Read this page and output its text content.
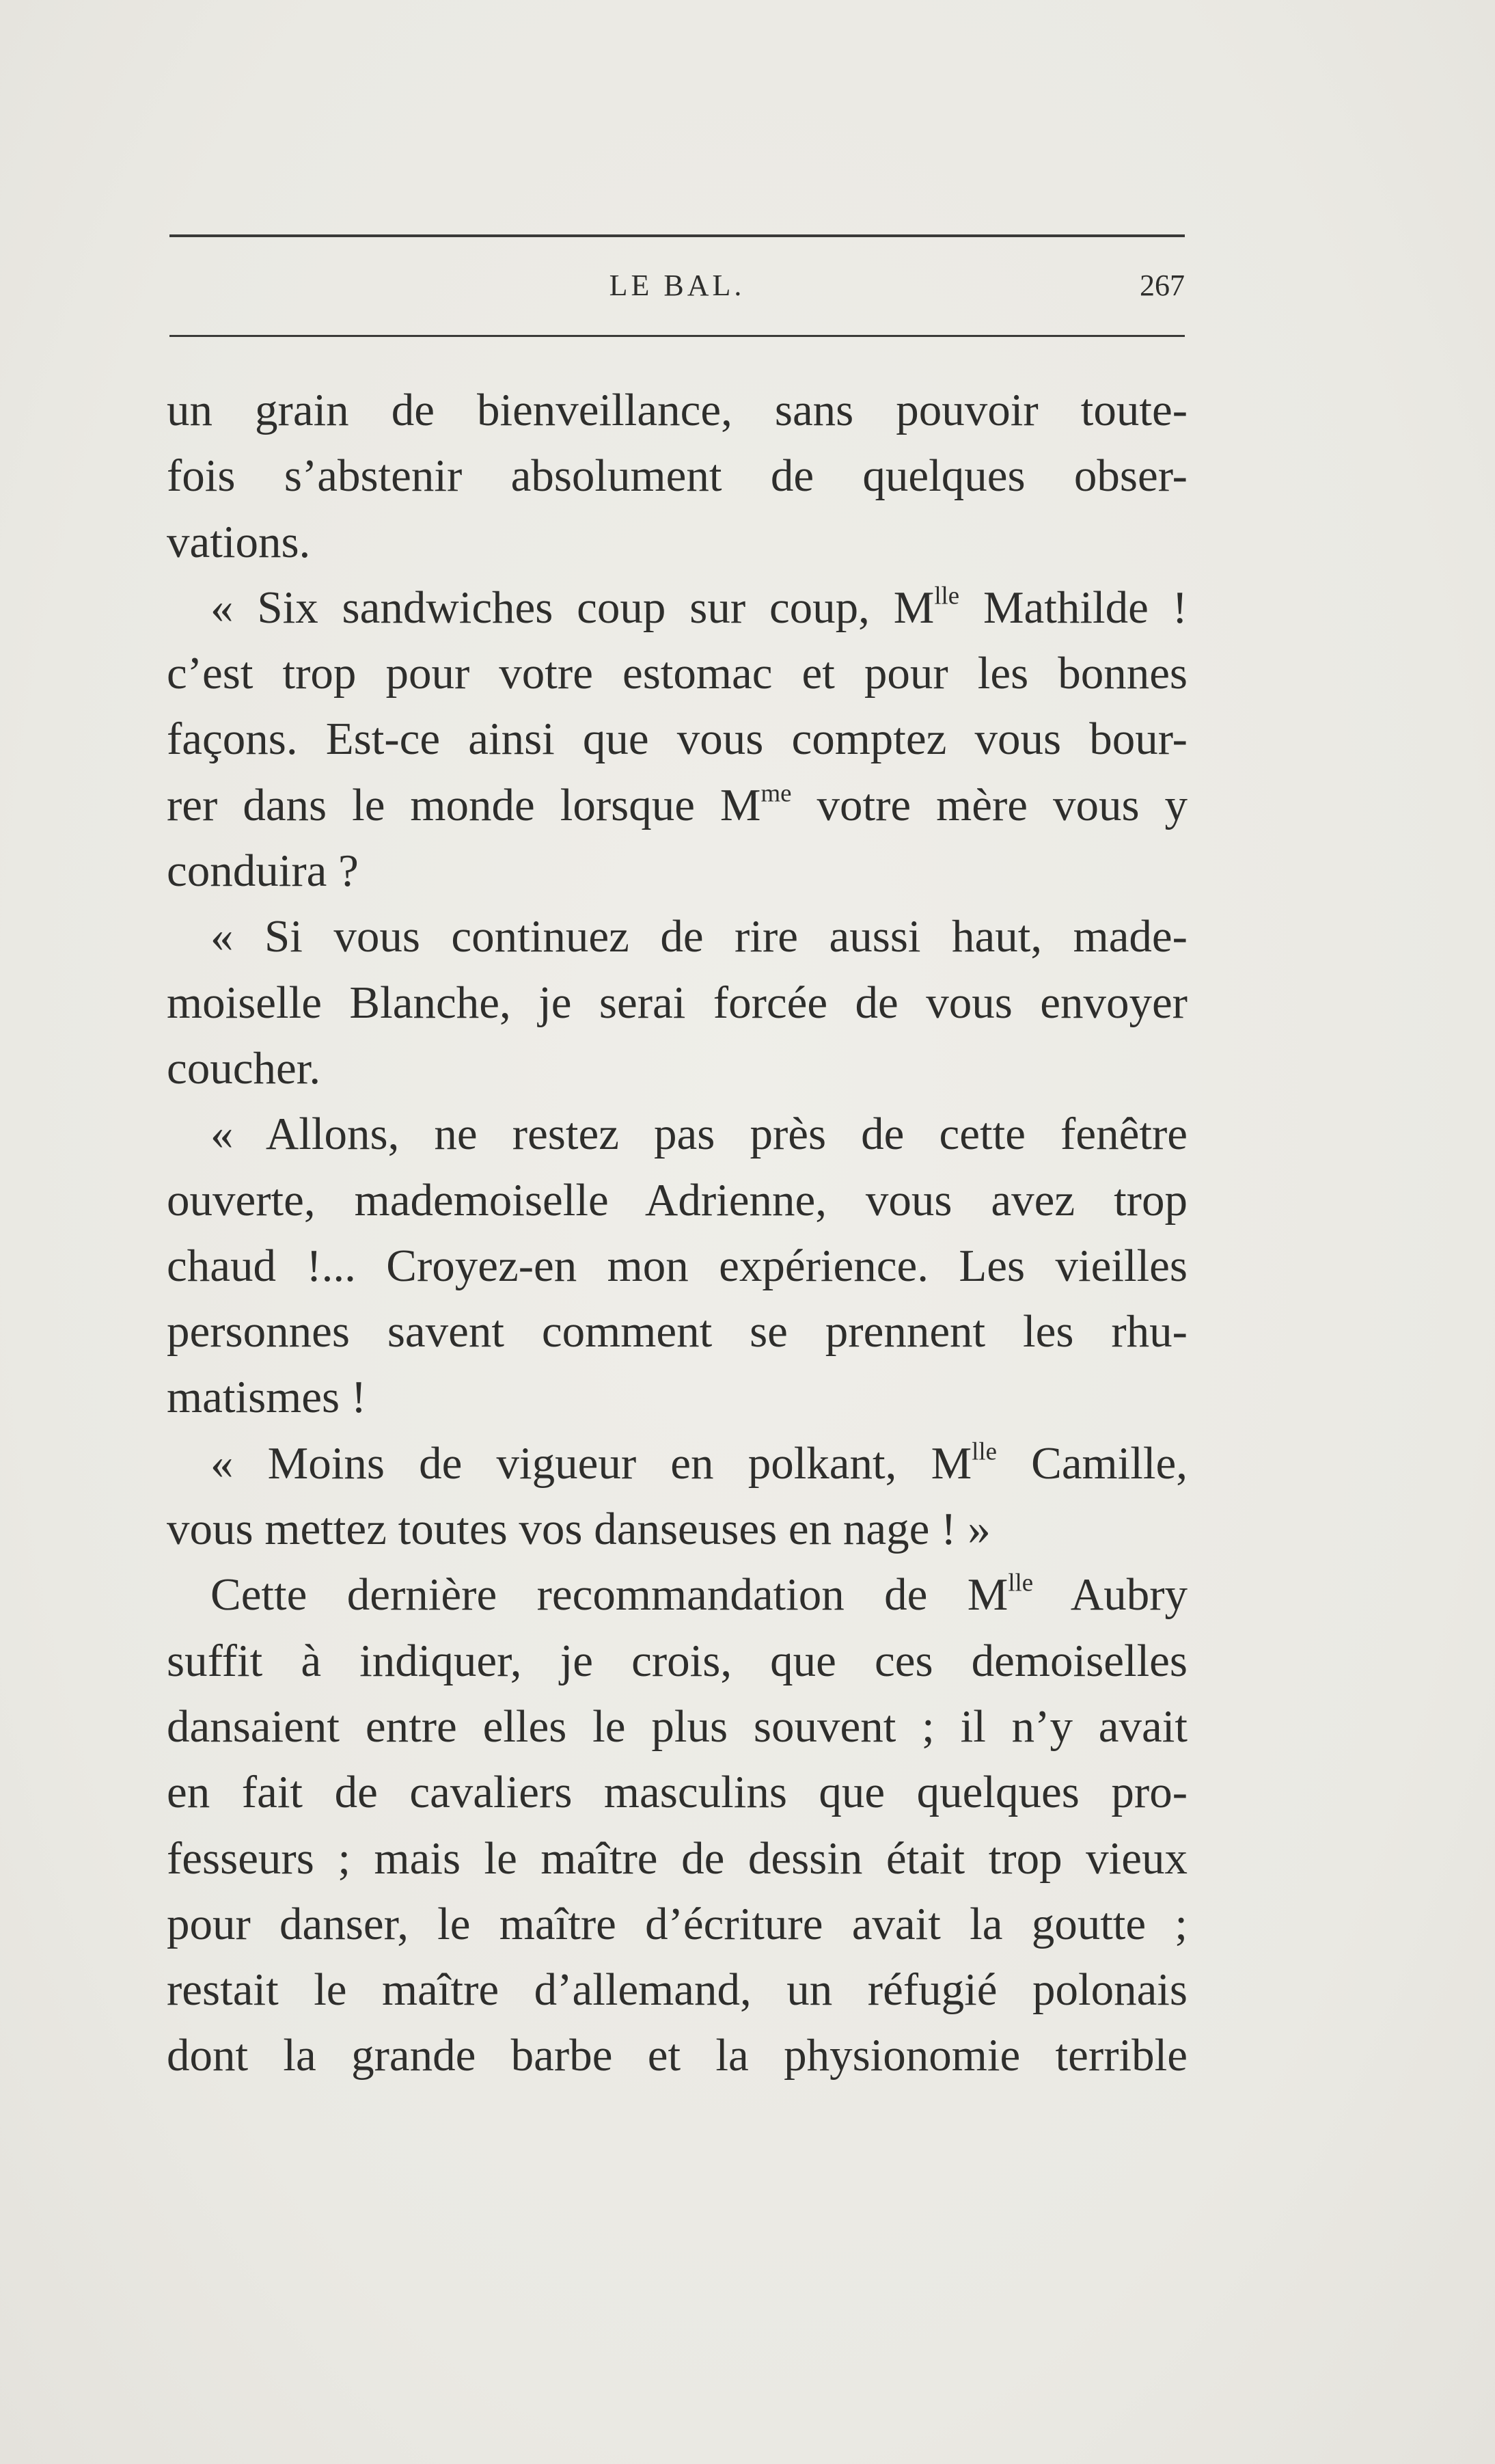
LE BAL.	267
un grain de bienveillance, sans pouvoir toute-
fois s’abstenir absolument de quelques obser-
vations.
« Six sandwiches coup sur coup, $M^{lle}$ Mathilde !
c’est trop pour votre estomac et pour les bonnes
façons. Est-ce ainsi que vous comptez vous bour-
rer dans le monde lorsque $M^{me}$ votre mère vous y
conduira ?
« Si vous continuez de rire aussi haut, made-
moiselle Blanche, je serai forcée de vous envoyer
coucher.
« Allons, ne restez pas près de cette fenêtre
ouverte, mademoiselle Adrienne, vous avez trop
chaud !... Croyez-en mon expérience. Les vieilles
personnes savent comment se prennent les rhu-
matismes !
« Moins de vigueur en polkant, $M^{lle}$ Camille,
vous mettez toutes vos danseuses en nage ! »
Cette dernière recommandation de $M^{lle}$ Aubry
suffit à indiquer, je crois, que ces demoiselles
dansaient entre elles le plus souvent ; il n’y avait
en fait de cavaliers masculins que quelques pro-
fesseurs ; mais le maître de dessin était trop vieux
pour danser, le maître d’écriture avait la goutte ;
restait le maître d’allemand, un réfugié polonais
dont la grande barbe et la physionomie terrible
